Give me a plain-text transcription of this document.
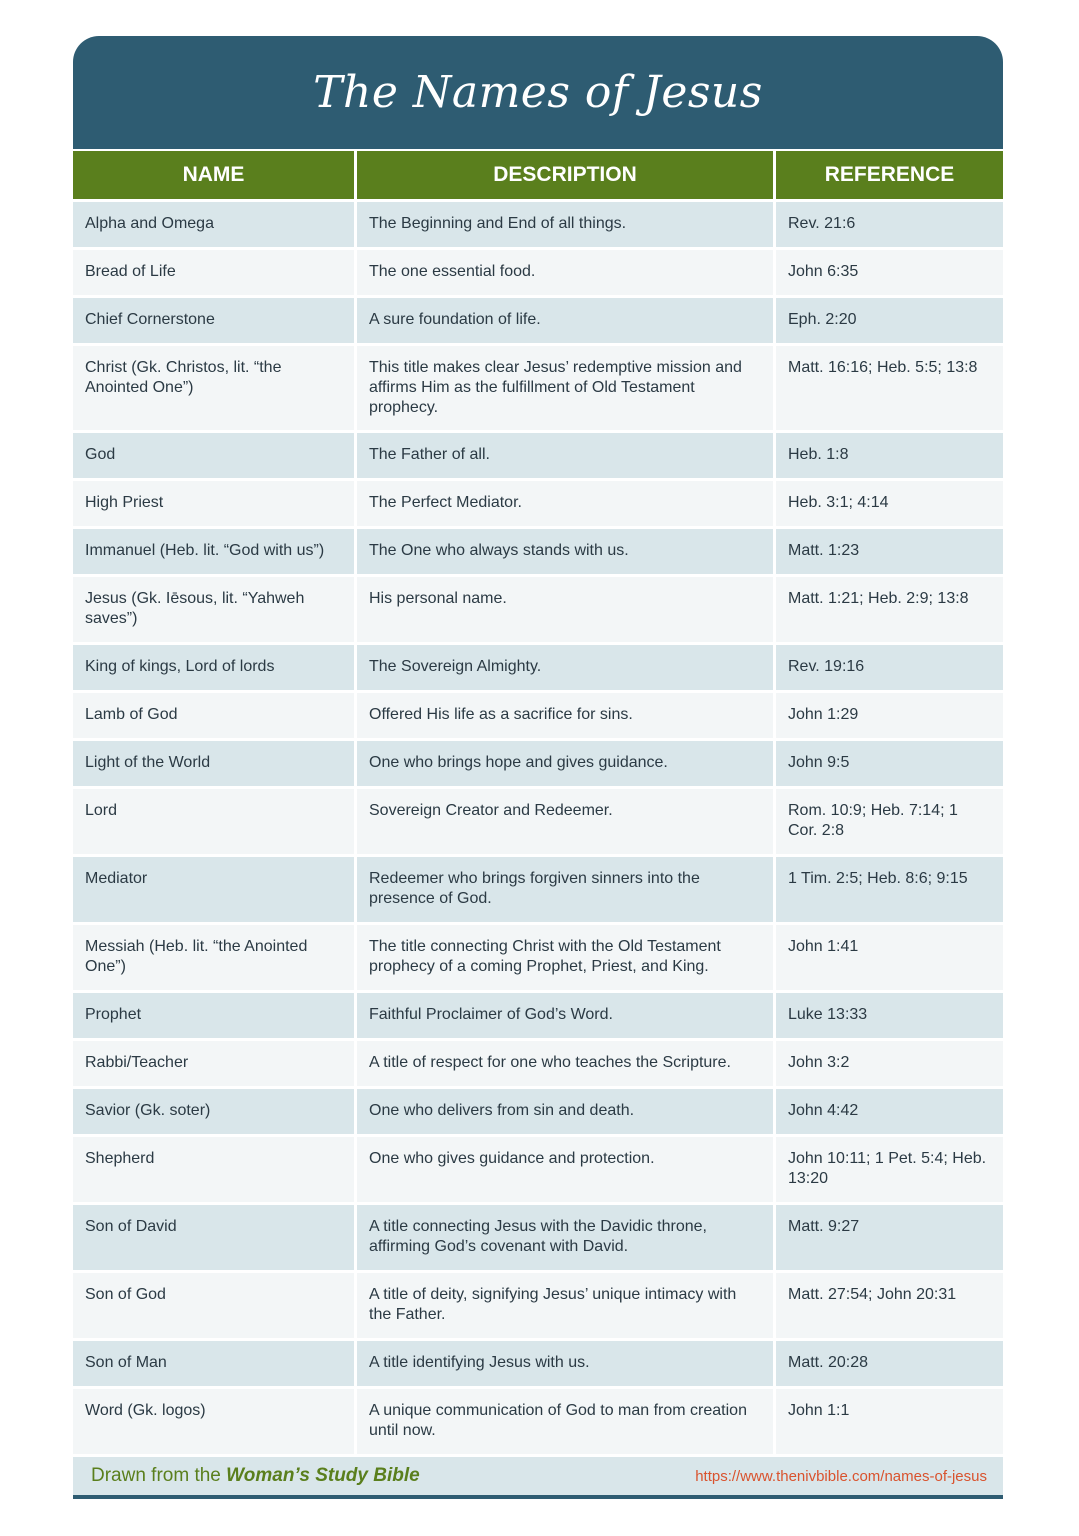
The Names of Jesus
NAME	DESCRIPTION	REFERENCE
Alpha and Omega	The Beginning and End of all things.	Rev. 21:6
Bread of Life	The one essential food.	John 6:35
Chief Cornerstone	A sure foundation of life.	Eph. 2:20
Christ (Gk. Christos, lit. “the Anointed One”)	This title makes clear Jesus’ redemptive mission and affirms Him as the fulfillment of Old Testament prophecy.	Matt. 16:16; Heb. 5:5; 13:8
God	The Father of all.	Heb. 1:8
High Priest	The Perfect Mediator.	Heb. 3:1; 4:14
Immanuel (Heb. lit. “God with us”)	The One who always stands with us.	Matt. 1:23
Jesus (Gk. Iēsous, lit. “Yahweh saves”)	His personal name.	Matt. 1:21; Heb. 2:9; 13:8
King of kings, Lord of lords	The Sovereign Almighty.	Rev. 19:16
Lamb of God	Offered His life as a sacrifice for sins.	John 1:29
Light of the World	One who brings hope and gives guidance.	John 9:5
Lord	Sovereign Creator and Redeemer.	Rom. 10:9; Heb. 7:14; 1 Cor. 2:8
Mediator	Redeemer who brings forgiven sinners into the presence of God.	1 Tim. 2:5; Heb. 8:6; 9:15
Messiah (Heb. lit. “the Anointed One”)	The title connecting Christ with the Old Testament prophecy of a coming Prophet, Priest, and King.	John 1:41
Prophet	Faithful Proclaimer of God’s Word.	Luke 13:33
Rabbi/Teacher	A title of respect for one who teaches the Scripture.	John 3:2
Savior (Gk. soter)	One who delivers from sin and death.	John 4:42
Shepherd	One who gives guidance and protection.	John 10:11; 1 Pet. 5:4; Heb. 13:20
Son of David	A title connecting Jesus with the Davidic throne, affirming God’s covenant with David.	Matt. 9:27
Son of God	A title of deity, signifying Jesus’ unique intimacy with the Father.	Matt. 27:54; John 20:31
Son of Man	A title identifying Jesus with us.	Matt. 20:28
Word (Gk. logos)	A unique communication of God to man from creation until now.	John 1:1
Drawn from the Woman’s Study Bible	https://www.thenivbible.com/names-of-jesus
